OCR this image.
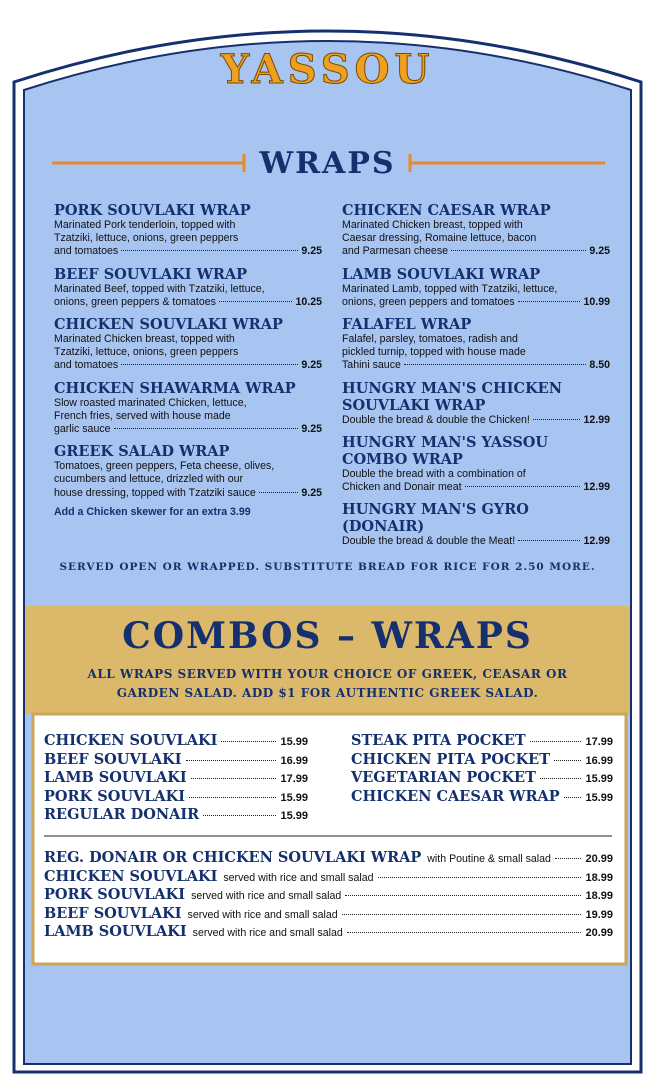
YASSOU
WRAPS
PORK SOUVLAKI WRAP
Marinated Pork tenderloin, topped with
Tzatziki, lettuce, onions, green peppers
and tomatoes	9.25
BEEF SOUVLAKI WRAP
Marinated Beef, topped with Tzatziki, lettuce,
onions, green peppers & tomatoes	10.25
CHICKEN SOUVLAKI WRAP
Marinated Chicken breast, topped with
Tzatziki, lettuce, onions, green peppers
and tomatoes	9.25
CHICKEN SHAWARMA WRAP
Slow roasted marinated Chicken, lettuce,
French fries, served with house made
garlic sauce	9.25
GREEK SALAD WRAP
Tomatoes, green peppers, Feta cheese, olives,
cucumbers and lettuce, drizzled with our
house dressing, topped with Tzatziki sauce	9.25
Add a Chicken skewer for an extra 3.99
CHICKEN CAESAR WRAP
Marinated Chicken breast, topped with
Caesar dressing, Romaine lettuce, bacon
and Parmesan cheese	9.25
LAMB SOUVLAKI WRAP
Marinated Lamb, topped with Tzatziki, lettuce,
onions, green peppers and tomatoes	10.99
FALAFEL WRAP
Falafel, parsley, tomatoes, radish and
pickled turnip, topped with house made
Tahini sauce	8.50
HUNGRY MAN'S CHICKEN SOUVLAKI WRAP
Double the bread & double the Chicken!	12.99
HUNGRY MAN'S YASSOU COMBO WRAP
Double the bread with a combination of
Chicken and Donair meat	12.99
HUNGRY MAN'S GYRO (DONAIR)
Double the bread & double the Meat!	12.99
SERVED OPEN OR WRAPPED. SUBSTITUTE BREAD FOR RICE FOR 2.50 MORE.
COMBOS – WRAPS
ALL WRAPS SERVED WITH YOUR CHOICE OF GREEK, CEASAR OR
GARDEN SALAD. ADD $1 FOR AUTHENTIC GREEK SALAD.
CHICKEN SOUVLAKI	15.99
BEEF SOUVLAKI	16.99
LAMB SOUVLAKI	17.99
PORK SOUVLAKI	15.99
REGULAR DONAIR	15.99
STEAK PITA POCKET	17.99
CHICKEN PITA POCKET	16.99
VEGETARIAN POCKET	15.99
CHICKEN CAESAR WRAP 15.99
REG. DONAIR OR CHICKEN SOUVLAKI WRAP with Poutine & small salad	20.99
CHICKEN SOUVLAKI served with rice and small salad	18.99
PORK SOUVLAKI served with rice and small salad	18.99
BEEF SOUVLAKI served with rice and small salad	19.99
LAMB SOUVLAKI served with rice and small salad	20.99
